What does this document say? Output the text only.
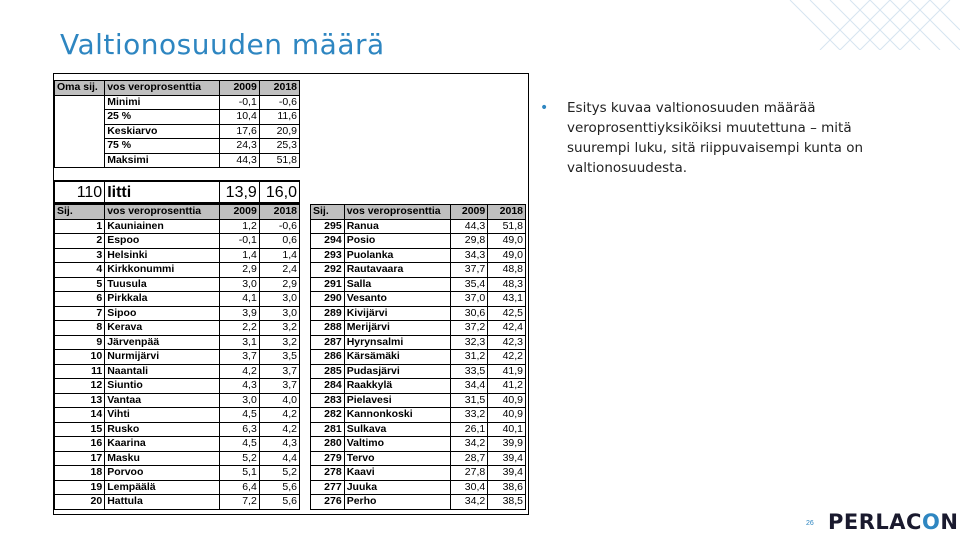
Valtionosuuden määrä
Oma sij.	vos veroprosenttia	2009	2018
	Minimi	-0,1	-0,6
	25 %	10,4	11,6
	Keskiarvo	17,6	20,9
	75 %	24,3	25,3
	Maksimi	44,3	51,8
110	Iitti	13,9	16,0
Sij.	vos veroprosenttia	2009	2018
1	Kauniainen	1,2	-0,6
2	Espoo	-0,1	0,6
3	Helsinki	1,4	1,4
4	Kirkkonummi	2,9	2,4
5	Tuusula	3,0	2,9
6	Pirkkala	4,1	3,0
7	Sipoo	3,9	3,0
8	Kerava	2,2	3,2
9	Järvenpää	3,1	3,2
10	Nurmijärvi	3,7	3,5
11	Naantali	4,2	3,7
12	Siuntio	4,3	3,7
13	Vantaa	3,0	4,0
14	Vihti	4,5	4,2
15	Rusko	6,3	4,2
16	Kaarina	4,5	4,3
17	Masku	5,2	4,4
18	Porvoo	5,1	5,2
19	Lempäälä	6,4	5,6
20	Hattula	7,2	5,6
Sij.	vos veroprosenttia	2009	2018
295	Ranua	44,3	51,8
294	Posio	29,8	49,0
293	Puolanka	34,3	49,0
292	Rautavaara	37,7	48,8
291	Salla	35,4	48,3
290	Vesanto	37,0	43,1
289	Kivijärvi	30,6	42,5
288	Merijärvi	37,2	42,4
287	Hyrynsalmi	32,3	42,3
286	Kärsämäki	31,2	42,2
285	Pudasjärvi	33,5	41,9
284	Raakkylä	34,4	41,2
283	Pielavesi	31,5	40,9
282	Kannonkoski	33,2	40,9
281	Sulkava	26,1	40,1
280	Valtimo	34,2	39,9
279	Tervo	28,7	39,4
278	Kaavi	27,8	39,4
277	Juuka	30,4	38,6
276	Perho	34,2	38,5
• Esitys kuvaa valtionosuuden määrää veroprosenttiyksiköiksi muutettuna – mitä suurempi luku, sitä riippuvaisempi kunta on valtionosuudesta.
26 PERLACON
